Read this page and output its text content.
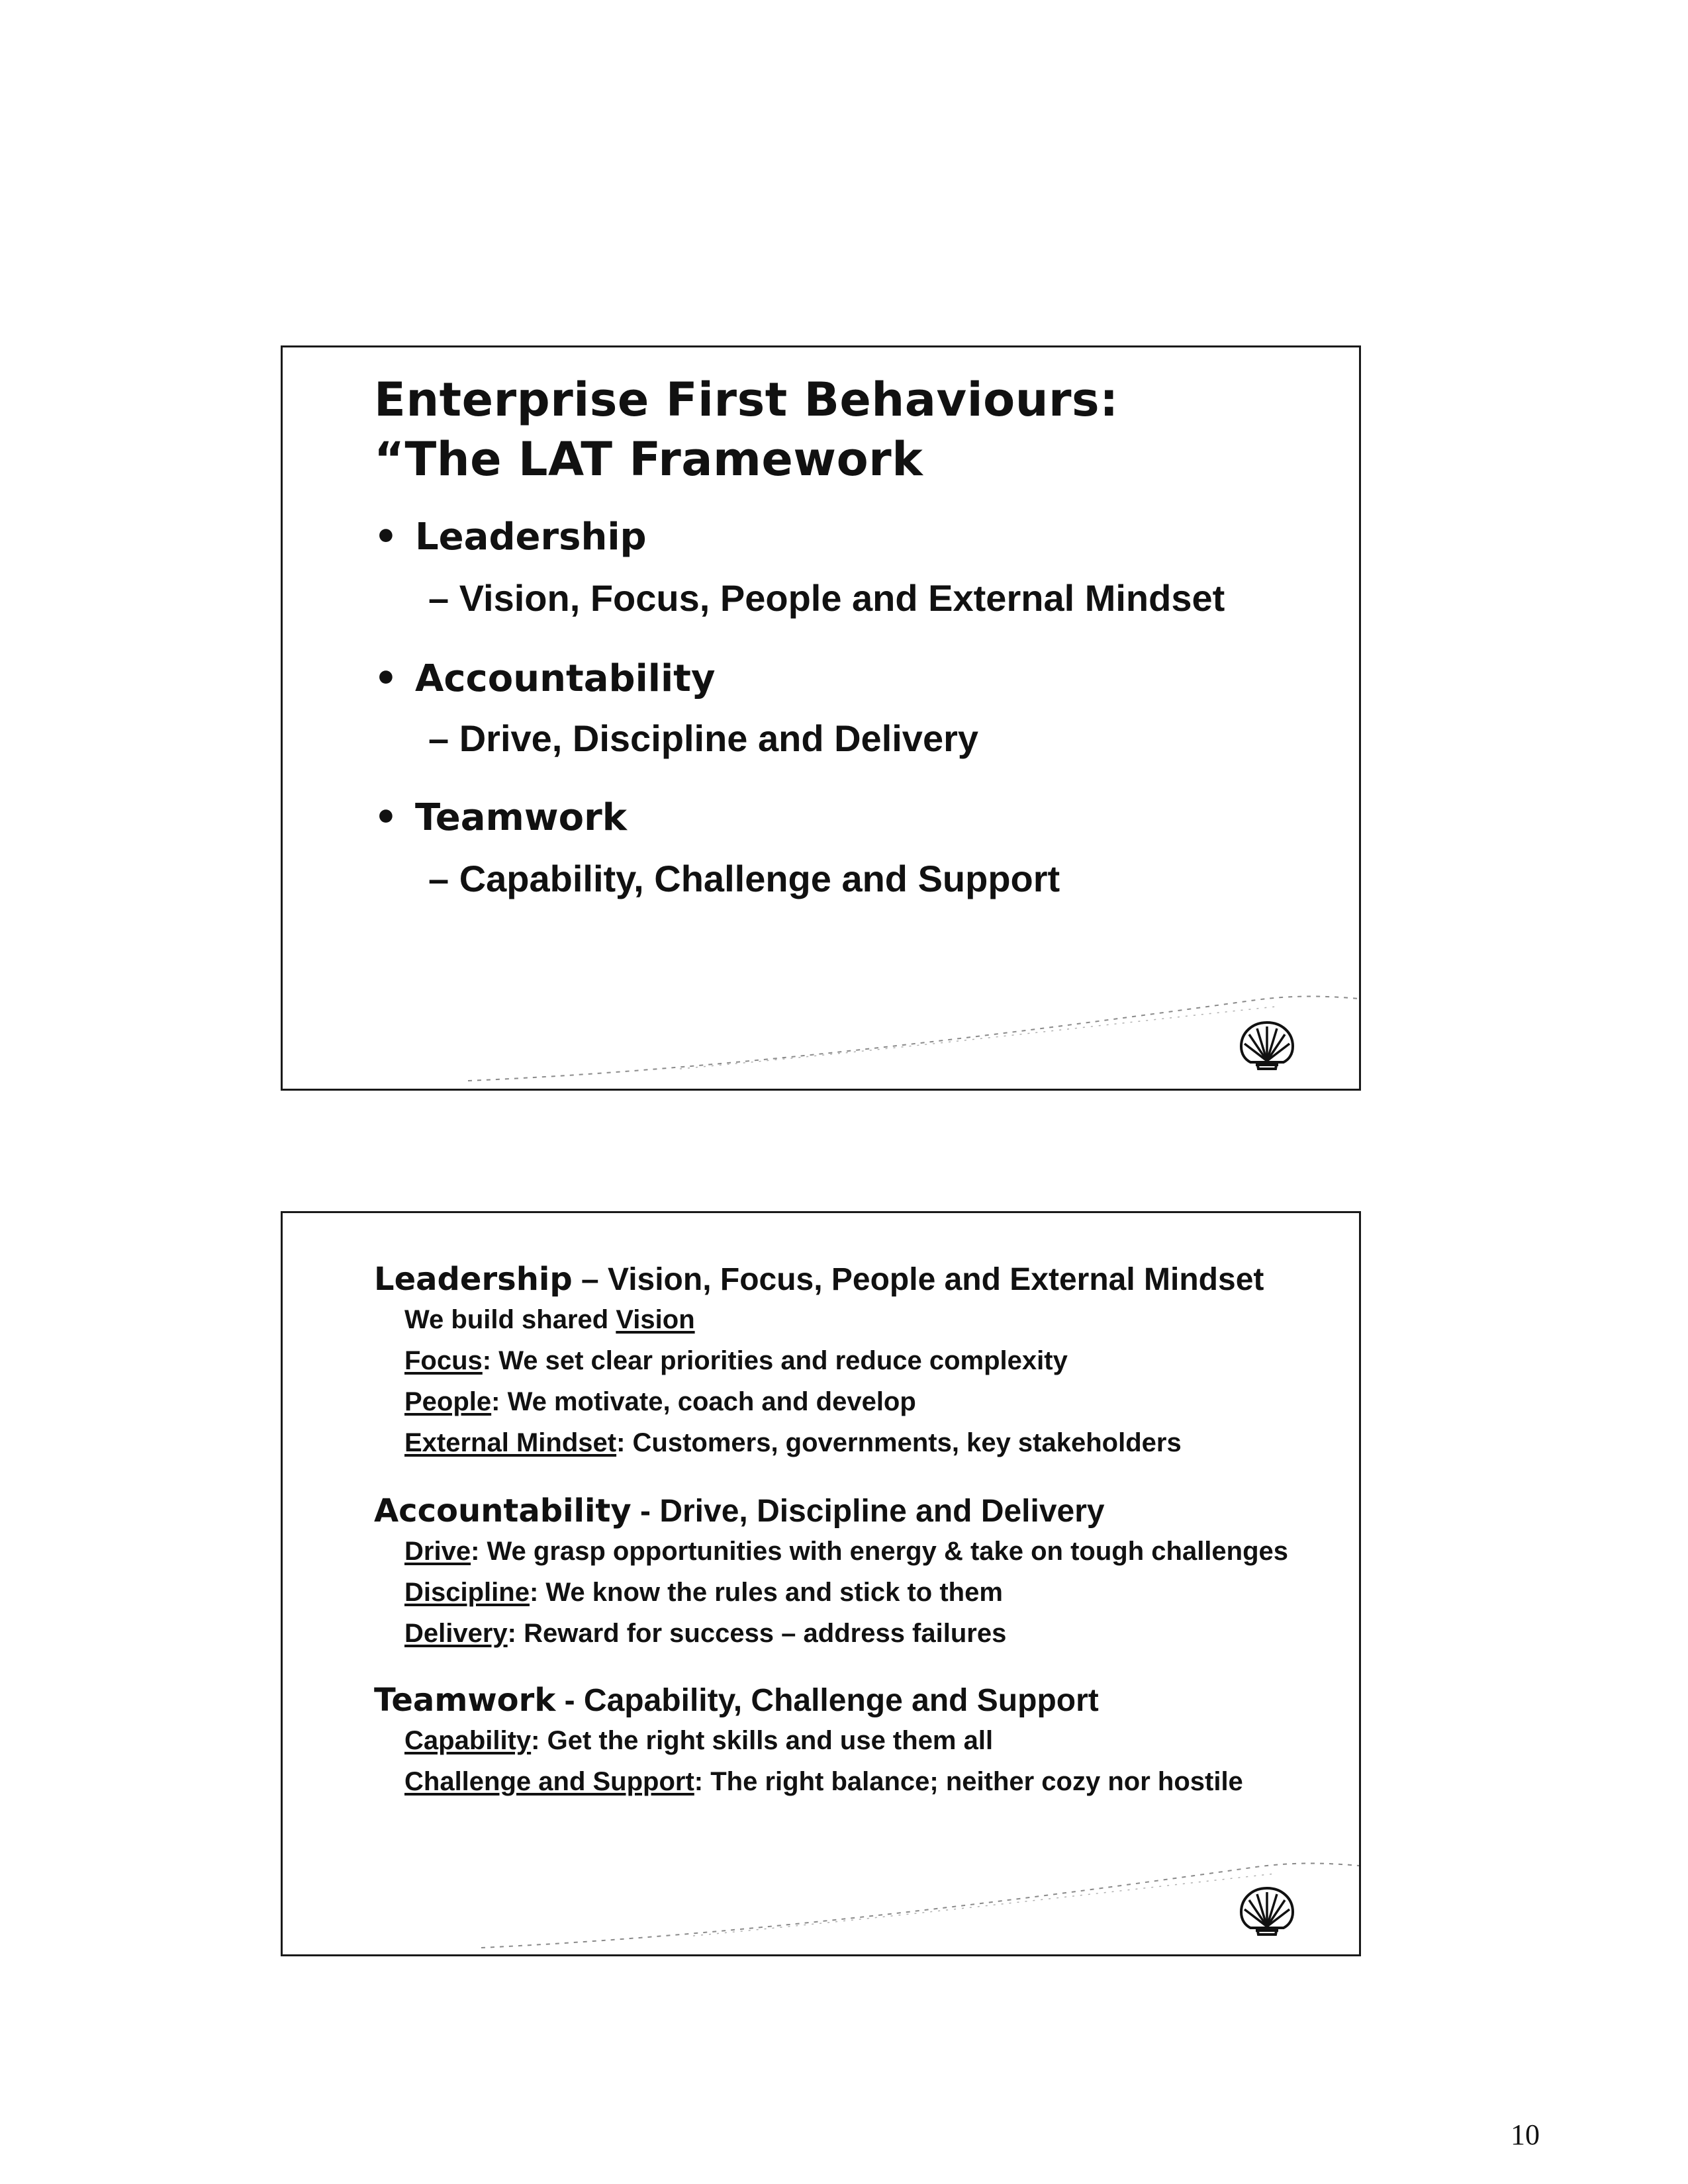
Enterprise First Behaviours:
“The LAT Framework

• Leadership

– Vision, Focus, People and External Mindset

• Accountability

– Drive, Discipline and Delivery

• Teamwork

– Capability, Challenge and Support

Leadership – Vision, Focus, People and External Mindset

We build shared Vision

Focus: We set clear priorities and reduce complexity

People: We motivate, coach and develop

External Mindset: Customers, governments, key stakeholders

Accountability - Drive, Discipline and Delivery

Drive: We grasp opportunities with energy & take on tough challenges

Discipline: We know the rules and stick to them

Delivery: Reward for success – address failures

Teamwork - Capability, Challenge and Support

Capability: Get the right skills and use them all

Challenge and Support: The right balance; neither cozy nor hostile

10
